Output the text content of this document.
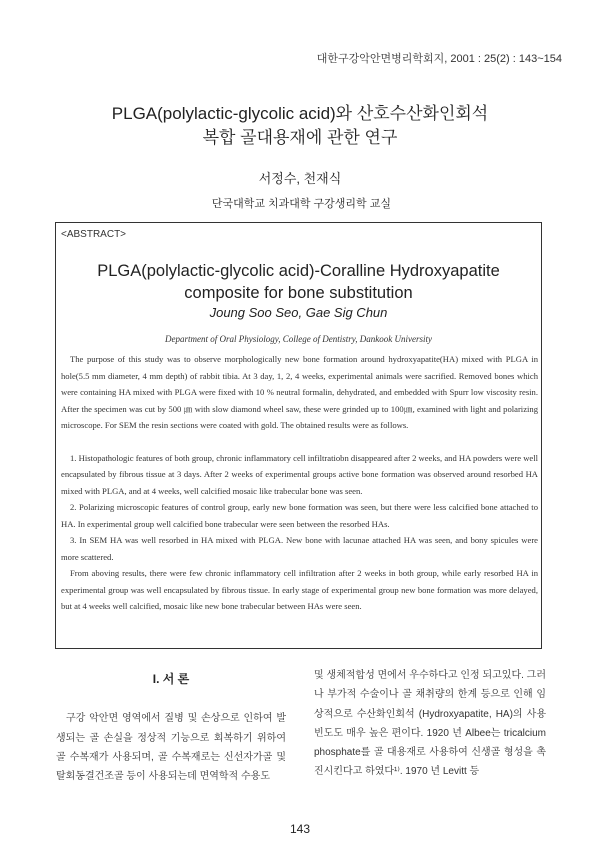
대한구강악안면병리학회지, 2001 : 25(2) : 143~154
PLGA(polylactic-glycolic acid)와 산호수산화인회석
복합 골대용재에 관한 연구
서정수, 천재식
단국대학교 치과대학 구강생리학 교실
<ABSTRACT>
PLGA(polylactic-glycolic acid)-Coralline Hydroxyapatite
composite for bone substitution
Joung Soo Seo, Gae Sig Chun
Department of Oral Physiology, College of Dentistry, Dankook University

The purpose of this study was to observe morphologically new bone formation around hydroxyapatite(HA) mixed with PLGA in hole(5.5 mm diameter, 4 mm depth) of rabbit tibia. At 3 day, 1, 2, 4 weeks, experimental animals were sacrified. Removed bones which were containing HA mixed with PLGA were fixed with 10 % neutral formalin, dehydrated, and embedded with Spurr low viscosity resin. After the specimen was cut by 500 ㎛ with slow diamond wheel saw, these were grinded up to 100㎛, examined with light and polarizing microscope. For SEM the resin sections were coated with gold. The obtained results were as follows.

1. Histopathologic features of both group, chronic inflammatory cell infiltratiobn disappeared after 2 weeks, and HA powders were well encapsulated by fibrous tissue at 3 days. After 2 weeks of experimental groups active bone formation was observed around resorbed HA mixed with PLGA, and at 4 weeks, well calcified mosaic like trabecular bone was seen.

2. Polarizing microscopic features of control group, early new bone formation was seen, but there were less calcified bone attached to HA. In experimental group well calcified bone trabecular were seen between the resorbed HAs.

3. In SEM HA was well resorbed in HA mixed with PLGA. New bone with lacunae attached HA was seen, and bony spicules were more scattered.

From aboving results, there were few chronic inflammatory cell infiltration after 2 weeks in both group, while early resorbed HA in experimental group was well encapsulated by fibrous tissue. In early stage of experimental group new bone formation was more delayed, but at 4 weeks well calcified, mosaic like new bone trabecular between HAs were seen.

I. 서 론

구강 악안면 영역에서 질병 및 손상으로 인하여 발생되는 골 손실을 정상적 기능으로 회복하기 위하여 골 수복재가 사용되며, 골 수복재로는 신선자가골 및 탈회동결건조골 등이 사용되는데 면역학적 수용도

및 생체적합성 면에서 우수하다고 인정 되고있다. 그러나 부가적 수술이나 골 채취량의 한계 등으로 인해 임상적으로 수산화인회석 (Hydroxyapatite, HA)의 사용 빈도도 매우 높은 편이다. 1920 년 Albee는 tricalcium phosphate를 골 대용재로 사용하여 신생골 형성을 촉진시킨다고 하였다¹⁾. 1970 년 Levitt 등

143
